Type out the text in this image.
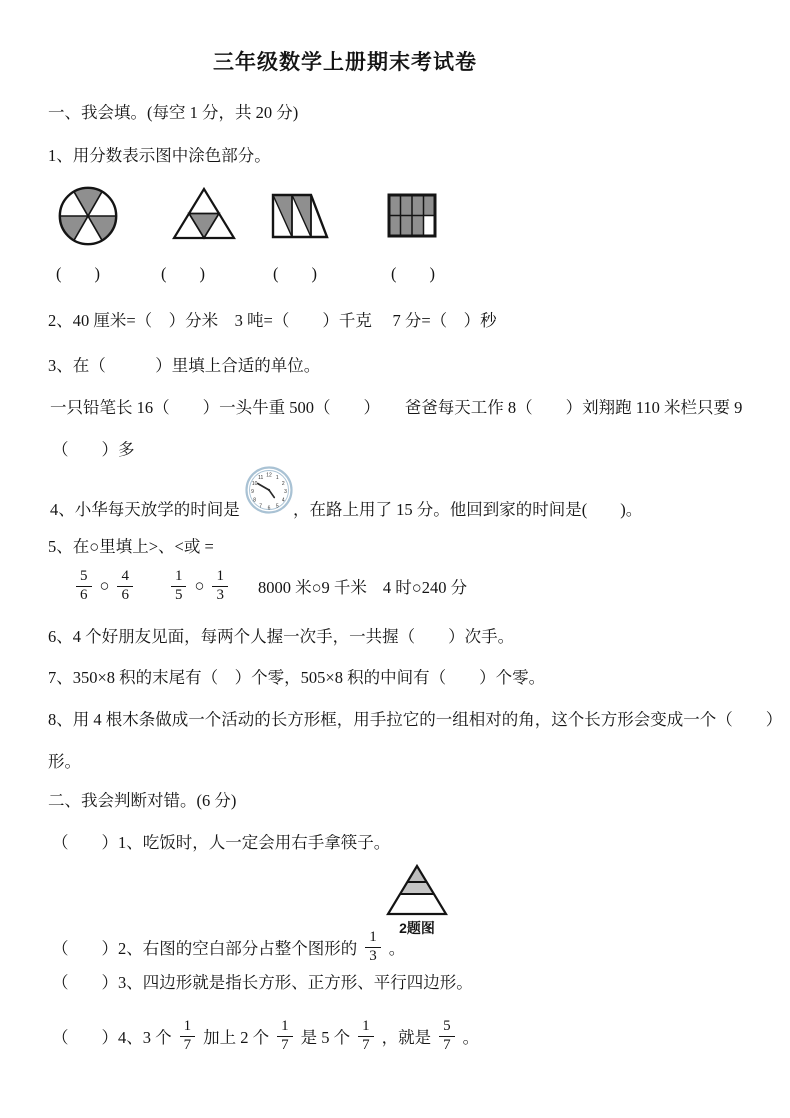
三年级数学上册期末考试卷
一、我会填。(每空 1 分，共 20 分)
1、用分数表示图中涂色部分。
(　　)	(　　)	(　　)	(　　)
2、40 厘米=（　）分米　3 吨=（　　）千克　 7 分=（　）秒
3、在（　　　）里填上合适的单位。
一只铅笔长 16（　　）一头牛重 500（　　）　　爸爸每天工作 8（　　）刘翔跑 110 米栏只要 9
（　　）多
4、小华每天放学的时间是
12 1
2
3
4
5
6
7
8
9
10
11
，在路上用了 15 分。他回到家的时间是(　　)。
5、在○里填上>、<或 =
$\frac{5}{6}$ ○ $\frac{4}{6}$	$\frac{1}{5}$ ○ $\frac{1}{3} 8000$ 米○9 千米 4 时○240 分
6、4 个好朋友见面，每两个人握一次手，一共握（　　）次手。
7、350×8 积的末尾有（　）个零，505×8 积的中间有（　　）个零。
8、用 4 根木条做成一个活动的长方形框，用手拉它的一组相对的角，这个长方形会变成一个（　　）
形。
二、我会判断对错。(6 分)
（　　）1、吃饭时，人一定会用右手拿筷子。
2题图
（　　）2、右图的空白部分占整个图形的 $\frac{1}{3}$ 。
（　　）3、四边形就是指长方形、正方形、平行四边形。
（　　）4、3 个 $\frac{1}{7}$ 加上 2 个 $\frac{1}{7}$ 是 5 个 $\frac{1}{7}$ ，就是 $\frac{5}{7}$ 。
